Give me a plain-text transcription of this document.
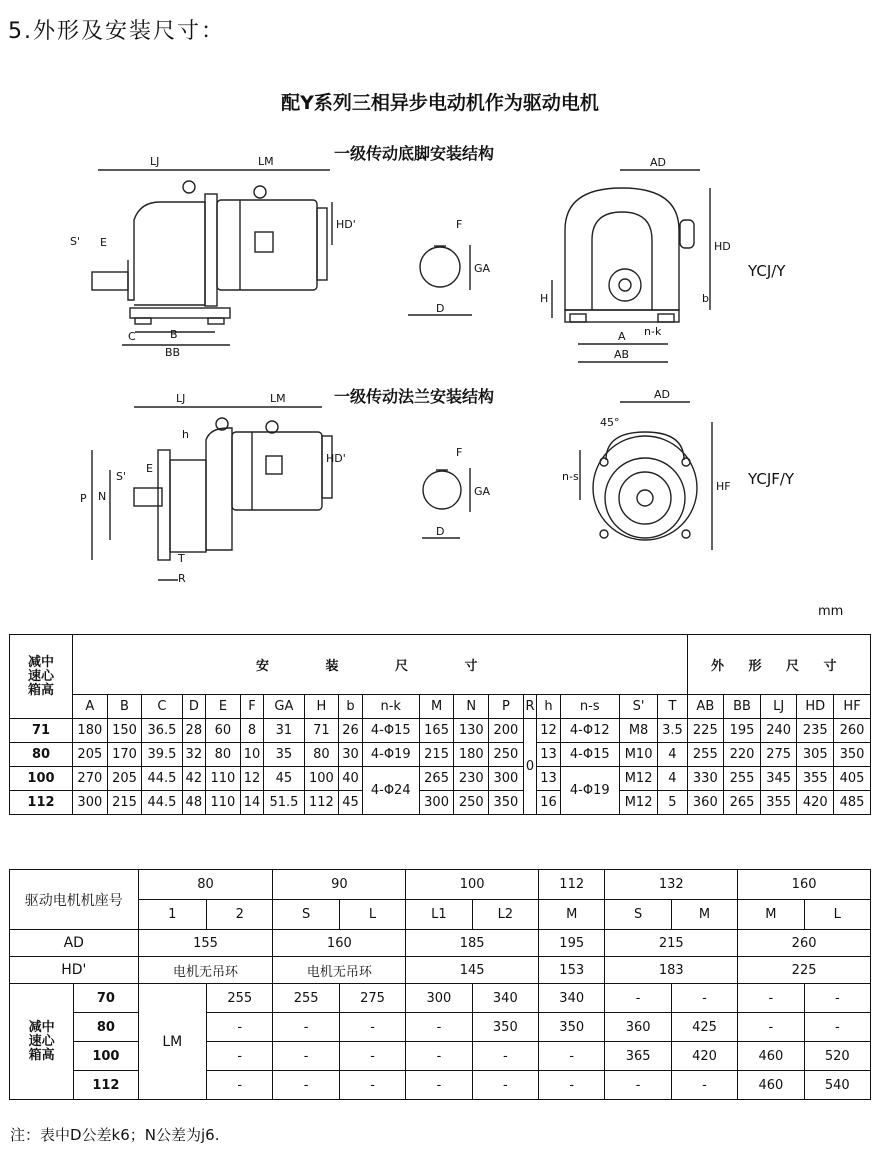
5.外形及安装尺寸：
配Y系列三相异步电动机作为驱动电机
一级传动底脚安装结构
一级传动法兰安装结构
YCJ/Y
YCJF/Y
mm
LJ	LM
HD'
S' E
C	B
BB
F
GA
D
AD
HD
H	b
A
AB
n-k
LJ	LM
HD'
h
E
S'
P N
T
R
F
GA
D
AD
45°
n-s
HF
减中
速心
箱高	安 装 尺 寸																		外 形 尺 寸				
	A	B	C	D	E	F	GA	H	b	n-k	M	N	P	R	h	n-s	S'	T	AB	BB	LJ	HD	HF
71	180	150	36.5	28	60	8	31	71	26	4-Φ15	165	130	200	0	12	4-Φ12	M8	3.5	225	195	240	235	260
80	205	170	39.5	32	80	10	35	80	30	4-Φ19	215	180	250		13	4-Φ15	M10	4	255	220	275	305	350
100	270	205	44.5	42	110	12	45	100	40	4-Φ24	265	230	300		13	4-Φ19	M12	4	330	255	345	355	405
112	300	215	44.5	48	110	14	51.5	112	45		300	250	350		16		M12	5	360	265	355	420	485
驱动电机机座号		80		90		100		112	132		160	
		1	2	S	L	L1	L2	M	S	M	M	L
AD		155		160		185		195	215		260	
HD'		电机无吊环		电机无吊环		145		153	183		225	
减中
速心
箱高	70	LM	255	255	275	300	340	340	-	-	-	-
	80		-	-	-	-	350	350	360	425	-	-
	100		-	-	-	-	-	-	365	420	460	520
	112		-	-	-	-	-	-	-	-	460	540
注：表中D公差k6；N公差为j6.
